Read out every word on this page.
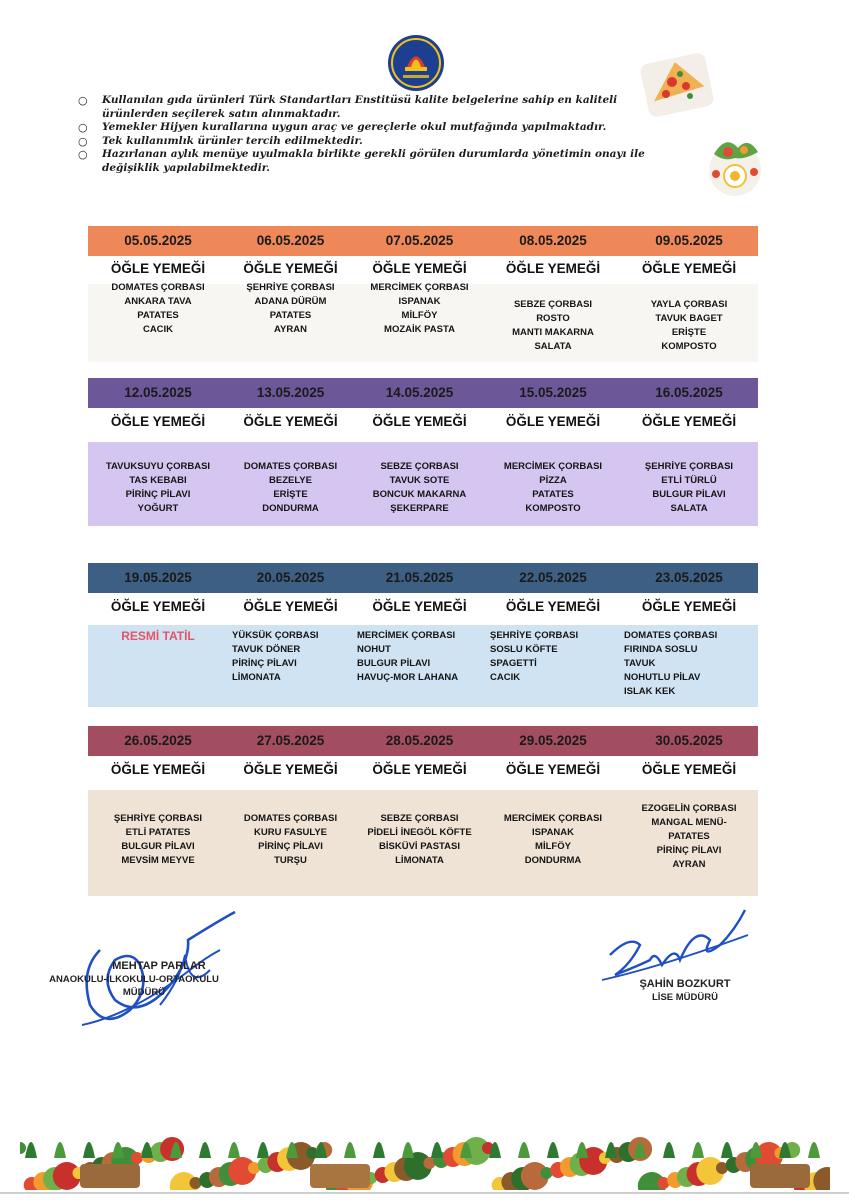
○ Kullanılan gıda ürünleri Türk Standartları Enstitüsü kalite belgelerine sahip en kaliteli ürünlerden seçilerek satın alınmaktadır.
○ Yemekler Hijyen kurallarına uygun araç ve gereçlerle okul mutfağında yapılmaktadır.
○ Tek kullanımlık ürünler tercih edilmektedir.
○ Hazırlanan aylık menüye uyulmakla birlikte gerekli görülen durumlarda yönetimin onayı ile değişiklik yapılabilmektedir.
05.05.2025
ÖĞLE YEMEĞİ
DOMATES ÇORBASI
ANKARA TAVA
PATATES
CACIK
06.05.2025
ÖĞLE YEMEĞİ
ŞEHRİYE ÇORBASI
ADANA DÜRÜM
PATATES
AYRAN
07.05.2025
ÖĞLE YEMEĞİ
MERCİMEK ÇORBASI
ISPANAK
MİLFÖY
MOZAİK PASTA
08.05.2025
ÖĞLE YEMEĞİ
SEBZE ÇORBASI
ROSTO
MANTI MAKARNA
SALATA
09.05.2025
ÖĞLE YEMEĞİ
YAYLA ÇORBASI
TAVUK BAGET
ERİŞTE
KOMPOSTO
12.05.2025
ÖĞLE YEMEĞİ
TAVUKSUYU ÇORBASI
TAS KEBABI
PİRİNÇ PİLAVI
YOĞURT
13.05.2025
ÖĞLE YEMEĞİ
DOMATES ÇORBASI
BEZELYE
ERİŞTE
DONDURMA
14.05.2025
ÖĞLE YEMEĞİ
SEBZE ÇORBASI
TAVUK SOTE
BONCUK MAKARNA
ŞEKERPARE
15.05.2025
ÖĞLE YEMEĞİ
MERCİMEK ÇORBASI
PİZZA
PATATES
KOMPOSTO
16.05.2025
ÖĞLE YEMEĞİ
ŞEHRİYE ÇORBASI
ETLİ TÜRLÜ
BULGUR PİLAVI
SALATA
19.05.2025
ÖĞLE YEMEĞİ
RESMİ TATİL
20.05.2025
ÖĞLE YEMEĞİ
YÜKSÜK ÇORBASI
TAVUK DÖNER
PİRİNÇ PİLAVI
LİMONATA
21.05.2025
ÖĞLE YEMEĞİ
MERCİMEK ÇORBASI
NOHUT
BULGUR PİLAVI
HAVUÇ-MOR LAHANA
22.05.2025
ÖĞLE YEMEĞİ
ŞEHRİYE ÇORBASI
SOSLU KÖFTE
SPAGETTİ
CACIK
23.05.2025
ÖĞLE YEMEĞİ
DOMATES ÇORBASI
FIRINDA SOSLU
TAVUK
NOHUTLU PİLAV
ISLAK KEK
26.05.2025
ÖĞLE YEMEĞİ
ŞEHRİYE ÇORBASI
ETLİ PATATES
BULGUR PİLAVI
MEVSİM MEYVE
27.05.2025
ÖĞLE YEMEĞİ
DOMATES ÇORBASI
KURU FASULYE
PİRİNÇ PİLAVI
TURŞU
28.05.2025
ÖĞLE YEMEĞİ
SEBZE ÇORBASI
PİDELİ İNEGÖL KÖFTE
BİSKÜVİ PASTASI
LİMONATA
29.05.2025
ÖĞLE YEMEĞİ
MERCİMEK ÇORBASI
ISPANAK
MİLFÖY
DONDURMA
30.05.2025
ÖĞLE YEMEĞİ
EZOGELİN ÇORBASI
MANGAL MENÜ-
PATATES
PİRİNÇ PİLAVI
AYRAN
MEHTAP PARLAR
ANAOKULU-İLKOKULU-ORTAOKULU
MÜDÜRÜ
ŞAHİN BOZKURT
LİSE MÜDÜRÜ
